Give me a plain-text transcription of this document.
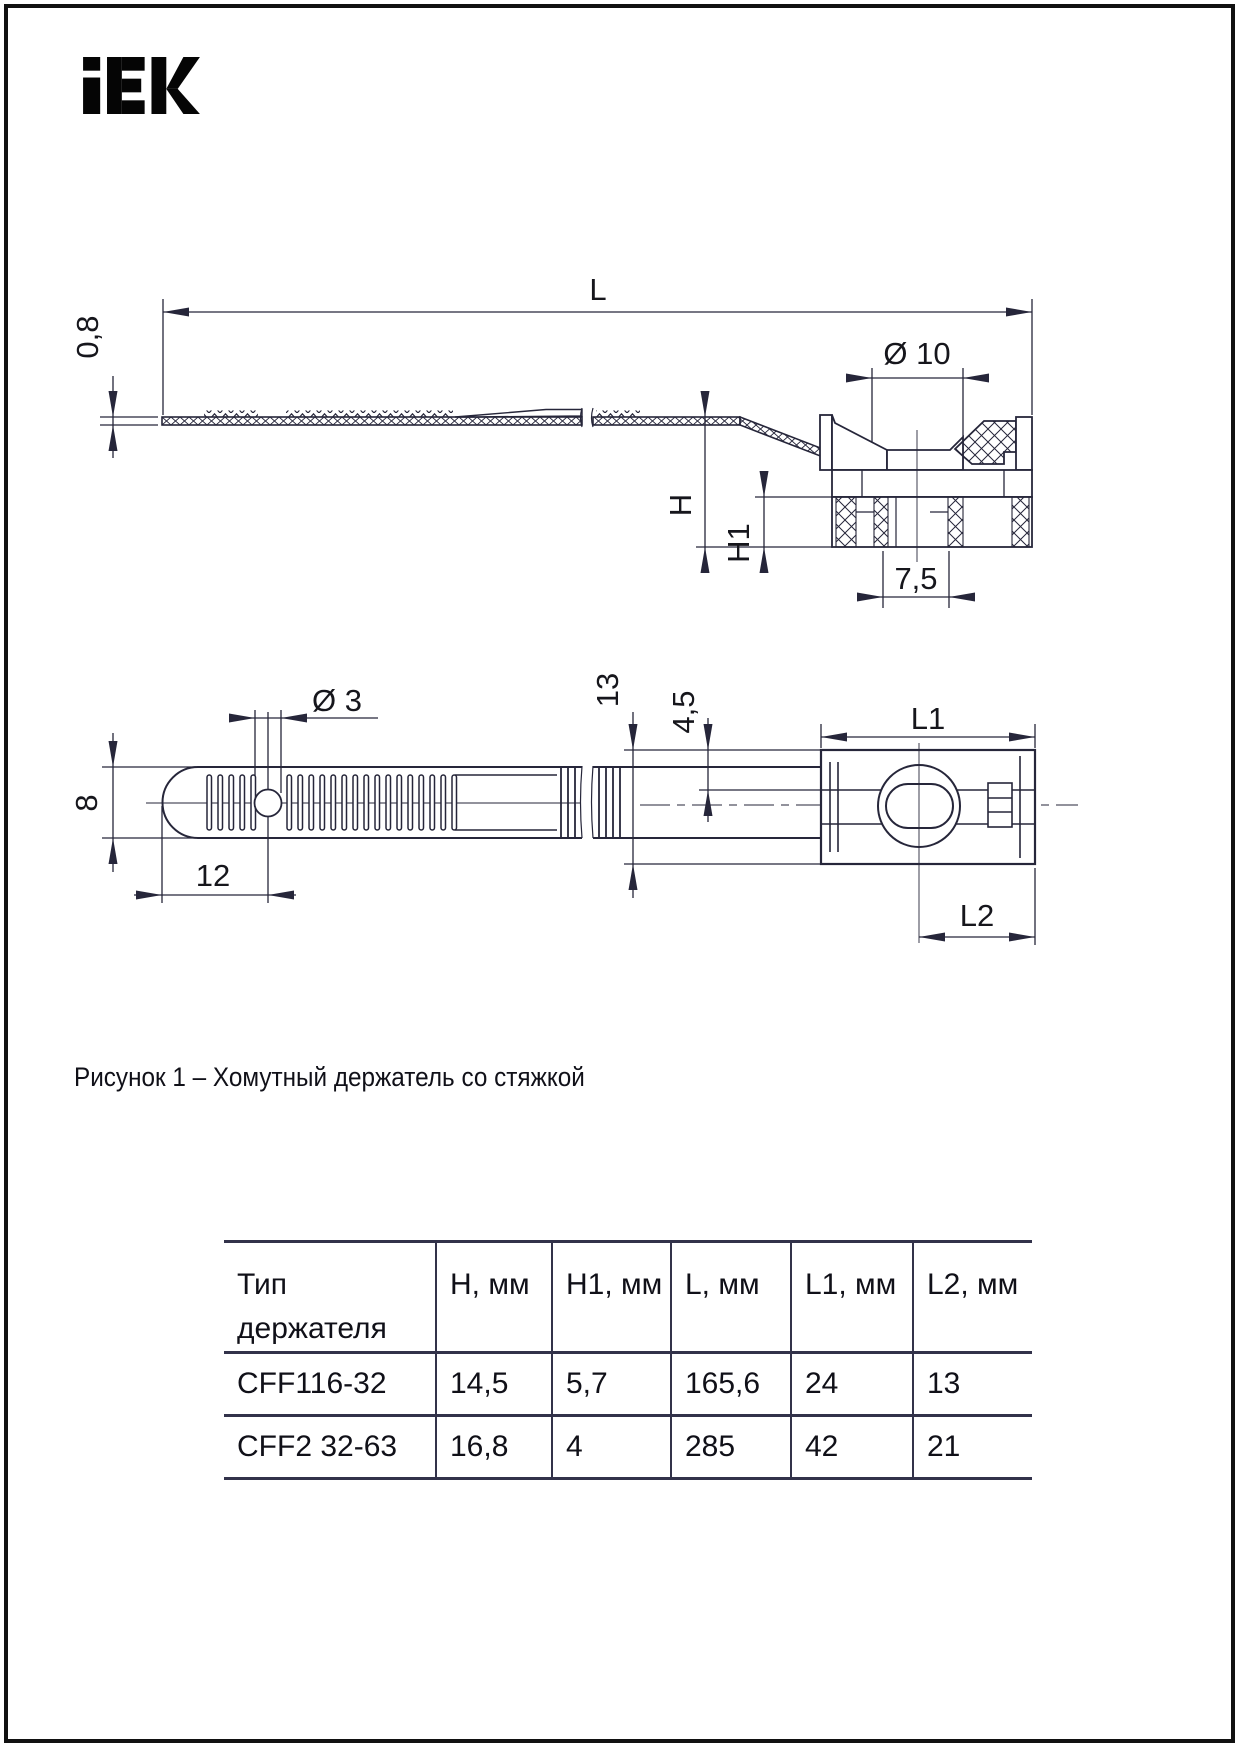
L
0,8	Ø 10
H
H1
7,5
Ø 3
8
12
13
4,5	L1
L2
Рисунок 1 – Хомутный держатель со стяжкой
Тип держателя	H, мм	H1, мм	L, мм	L1, мм	L2, мм
CFF116-32	14,5	5,7	165,6	24	13
CFF2 32-63	16,8	4	285	42	21
